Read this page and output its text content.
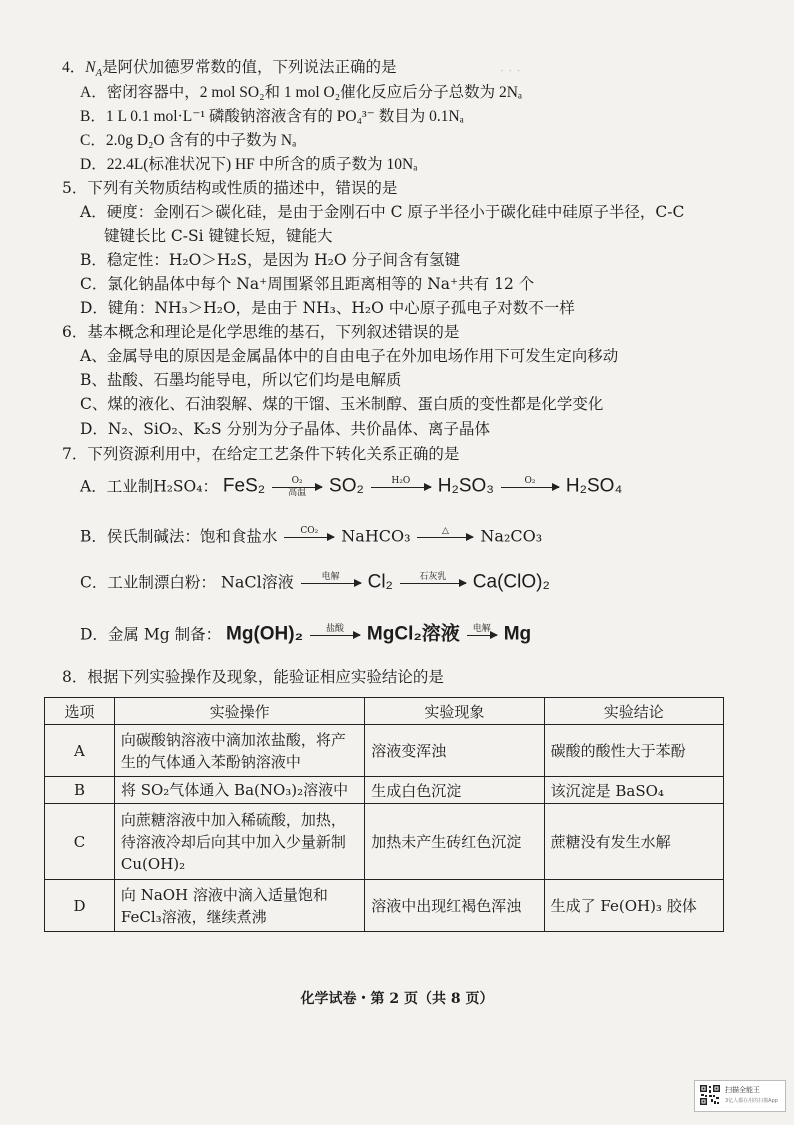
· · ·
4．$N_A$是阿伏加德罗常数的值，下列说法正确的是
A．密闭容器中，2 mol SO₂和 1 mol O₂催化反应后分子总数为 2Nₐ
B．1 L 0.1 mol·L⁻¹ 磷酸钠溶液含有的 PO₄³⁻ 数目为 0.1Nₐ
C．2.0g D₂O 含有的中子数为 Nₐ
D．22.4L(标准状况下) HF 中所含的质子数为 10Nₐ
5．下列有关物质结构或性质的描述中，错误的是
A．硬度：金刚石＞碳化硅，是由于金刚石中 C 原子半径小于碳化硅中硅原子半径，C-C
键键长比 C-Si 键键长短，键能大
B．稳定性：H₂O＞H₂S，是因为 H₂O 分子间含有氢键
C．氯化钠晶体中每个 Na⁺周围紧邻且距离相等的 Na⁺共有 12 个
D．键角：NH₃＞H₂O，是由于 NH₃、H₂O 中心原子孤电子对数不一样
6．基本概念和理论是化学思维的基石，下列叙述错误的是
A、金属导电的原因是金属晶体中的自由电子在外加电场作用下可发生定向移动
B、盐酸、石墨均能导电，所以它们均是电解质
C、煤的液化、石油裂解、煤的干馏、玉米制醇、蛋白质的变性都是化学变化
D．N₂、SiO₂、K₂S 分别为分子晶体、共价晶体、离子晶体
7．下列资源利用中，在给定工艺条件下转化关系正确的是
A．工业制H₂SO₄： FeS₂	O₂
高温	SO₂	H₂O	H₂SO₃	O₂	H₂SO₄
B．侯氏制碱法：饱和食盐水	CO₂	NaHCO₃	△	Na₂CO₃
C．工业制漂白粉： NaCl溶液	电解	Cl₂	石灰乳	Ca(ClO)₂
D．金属 Mg 制备： Mg(OH)₂	盐酸	MgCl₂溶液	电解 Mg
8．根据下列实验操作及现象，能验证相应实验结论的是
选项	实验操作	实验现象	实验结论
A	向碳酸钠溶液中滴加浓盐酸，将产生的气体通入苯酚钠溶液中	溶液变浑浊	碳酸的酸性大于苯酚
B	将 SO₂气体通入 Ba(NO₃)₂溶液中	生成白色沉淀	该沉淀是 BaSO₄
C	向蔗糖溶液中加入稀硫酸，加热，待溶液冷却后向其中加入少量新制 Cu(OH)₂	加热未产生砖红色沉淀	蔗糖没有发生水解
D	向 NaOH 溶液中滴入适量饱和 FeCl₃溶液，继续煮沸	溶液中出现红褐色浑浊	生成了 Fe(OH)₃ 胶体
化学试卷・第 2 页（共 8 页）
扫描全能王
3亿人都在用的扫描App
